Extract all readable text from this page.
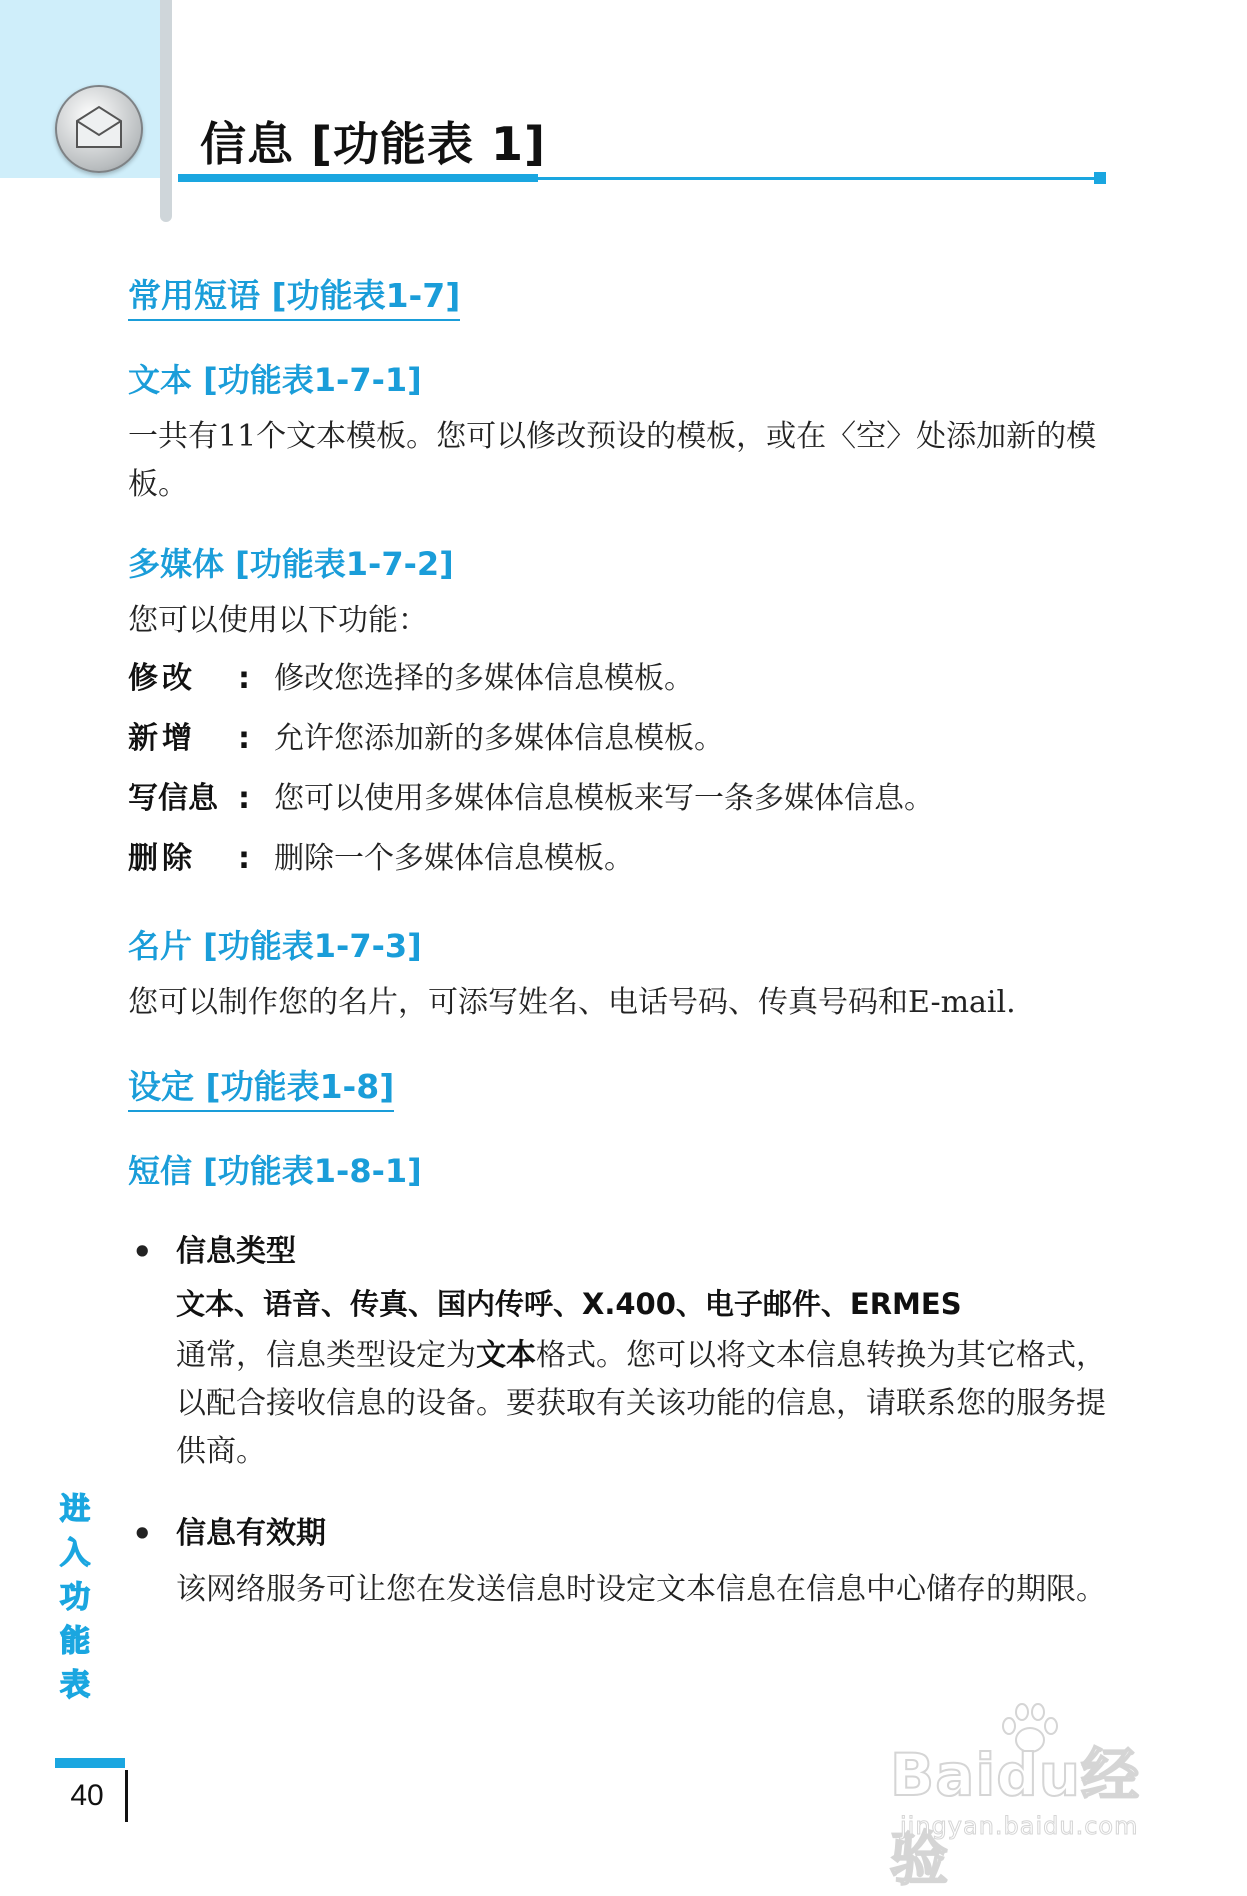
信息 [功能表 1]
常用短语 [功能表1-7]
文本 [功能表1-7-1]

一共有11个文本模板。您可以修改预设的模板，或在〈空〉处添加新的模板。

多媒体 [功能表1-7-2]

您可以使用以下功能：

修改	: 修改您选择的多媒体信息模板。
新增	: 允许您添加新的多媒体信息模板。
写信息 : 您可以使用多媒体信息模板来写一条多媒体信息。
删除	: 删除一个多媒体信息模板。
名片 [功能表1-7-3]

您可以制作您的名片，可添写姓名、电话号码、传真号码和E-mail.

设定 [功能表1-8]
短信 [功能表1-8-1]
• 信息类型
文本、语音、传真、国内传呼、X.400、电子邮件、ERMES
通常，信息类型设定为文本格式。您可以将文本信息转换为其它格式，以配合接收信息的设备。要获取有关该功能的信息，请联系您的服务提供商。
• 信息有效期
该网络服务可让您在发送信息时设定文本信息在信息中心储存的期限。
进入功能表
40	Baidu经验
jingyan.baidu.com
